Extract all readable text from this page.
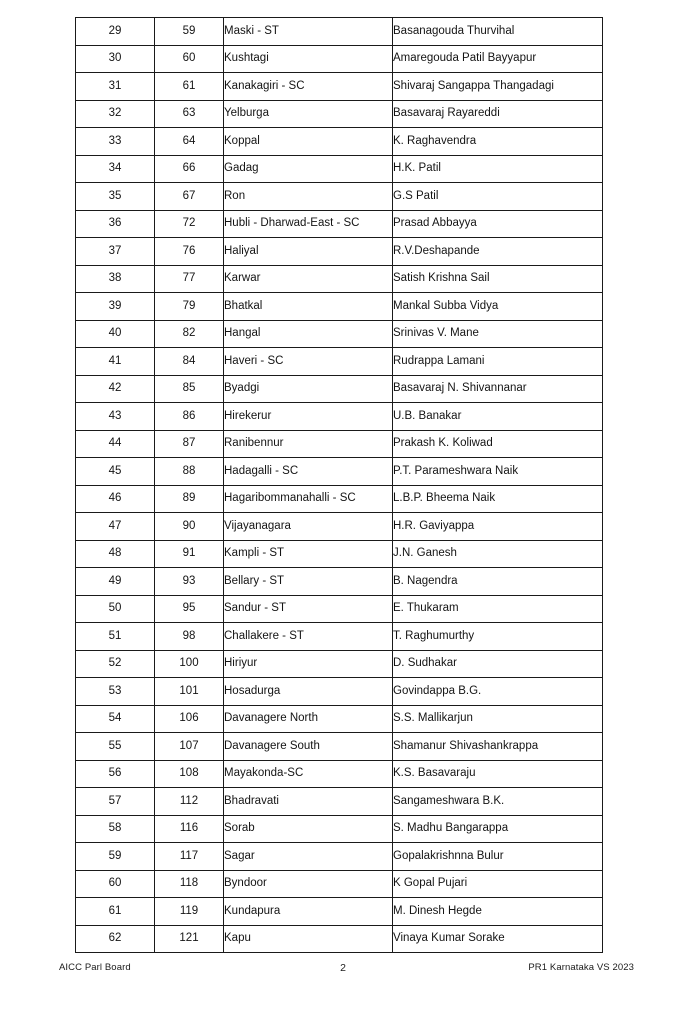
29	59	Maski - ST	Basanagouda Thurvihal
30	60	Kushtagi	Amaregouda Patil Bayyapur
31	61	Kanakagiri - SC	Shivaraj Sangappa Thangadagi
32	63	Yelburga	Basavaraj Rayareddi
33	64	Koppal	K. Raghavendra
34	66	Gadag	H.K. Patil
35	67	Ron	G.S Patil
36	72	Hubli - Dharwad-East - SC	Prasad Abbayya
37	76	Haliyal	R.V.Deshapande
38	77	Karwar	Satish Krishna Sail
39	79	Bhatkal	Mankal Subba Vidya
40	82	Hangal	Srinivas V. Mane
41	84	Haveri - SC	Rudrappa Lamani
42	85	Byadgi	Basavaraj N. Shivannanar
43	86	Hirekerur	U.B. Banakar
44	87	Ranibennur	Prakash K. Koliwad
45	88	Hadagalli - SC	P.T. Parameshwara Naik
46	89	Hagaribommanahalli - SC	L.B.P. Bheema Naik
47	90	Vijayanagara	H.R. Gaviyappa
48	91	Kampli - ST	J.N. Ganesh
49	93	Bellary - ST	B. Nagendra
50	95	Sandur - ST	E. Thukaram
51	98	Challakere - ST	T. Raghumurthy
52	100	Hiriyur	D. Sudhakar
53	101	Hosadurga	Govindappa B.G.
54	106	Davanagere North	S.S. Mallikarjun
55	107	Davanagere South	Shamanur Shivashankrappa
56	108	Mayakonda-SC	K.S. Basavaraju
57	112	Bhadravati	Sangameshwara B.K.
58	116	Sorab	S. Madhu Bangarappa
59	117	Sagar	Gopalakrishnna Bulur
60	118	Byndoor	K Gopal Pujari
61	119	Kundapura	M. Dinesh Hegde
62	121	Kapu	Vinaya Kumar Sorake
AICC Parl Board	2	PR1 Karnataka VS 2023
